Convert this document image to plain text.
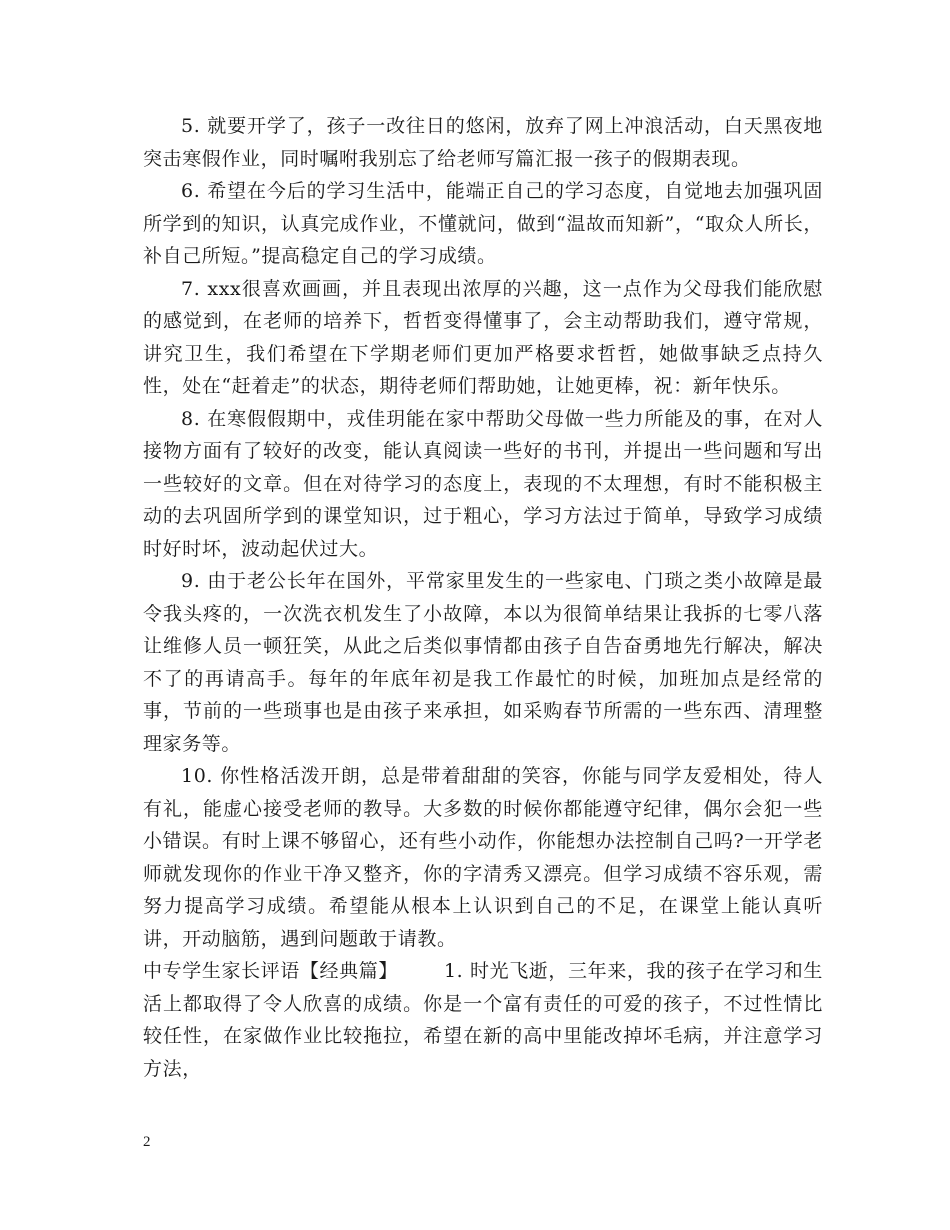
5. 就要开学了，孩子一改往日的悠闲，放弃了网上冲浪活动，白天黑夜地突击寒假作业，同时嘱咐我别忘了给老师写篇汇报一孩子的假期表现。

6. 希望在今后的学习生活中，能端正自己的学习态度，自觉地去加强巩固所学到的知识，认真完成作业，不懂就问，做到“温故而知新”，“取众人所长，补自己所短。”提高稳定自己的学习成绩。

7. xxx很喜欢画画，并且表现出浓厚的兴趣，这一点作为父母我们能欣慰的感觉到，在老师的培养下，哲哲变得懂事了，会主动帮助我们，遵守常规，讲究卫生，我们希望在下学期老师们更加严格要求哲哲，她做事缺乏点持久性，处在“赶着走”的状态，期待老师们帮助她，让她更棒，祝：新年快乐。

8. 在寒假假期中，戎佳玥能在家中帮助父母做一些力所能及的事，在对人接物方面有了较好的改变，能认真阅读一些好的书刊，并提出一些问题和写出一些较好的文章。但在对待学习的态度上，表现的不太理想，有时不能积极主动的去巩固所学到的课堂知识，过于粗心，学习方法过于简单，导致学习成绩时好时坏，波动起伏过大。

9. 由于老公长年在国外，平常家里发生的一些家电、门琐之类小故障是最令我头疼的，一次洗衣机发生了小故障，本以为很简单结果让我拆的七零八落让维修人员一顿狂笑，从此之后类似事情都由孩子自告奋勇地先行解决，解决不了的再请高手。每年的年底年初是我工作最忙的时候，加班加点是经常的事，节前的一些琐事也是由孩子来承担，如采购春节所需的一些东西、清理整理家务等。

10. 你性格活泼开朗，总是带着甜甜的笑容，你能与同学友爱相处，待人有礼，能虚心接受老师的教导。大多数的时候你都能遵守纪律，偶尔会犯一些小错误。有时上课不够留心，还有些小动作，你能想办法控制自己吗?一开学老师就发现你的作业干净又整齐，你的字清秀又漂亮。但学习成绩不容乐观，需努力提高学习成绩。希望能从根本上认识到自己的不足，在课堂上能认真听讲，开动脑筋，遇到问题敢于请教。

中专学生家长评语【经典篇】 1. 时光飞逝，三年来，我的孩子在学习和生活上都取得了令人欣喜的成绩。你是一个富有责任的可爱的孩子，不过性情比较任性，在家做作业比较拖拉，希望在新的高中里能改掉坏毛病，并注意学习方法，

2
